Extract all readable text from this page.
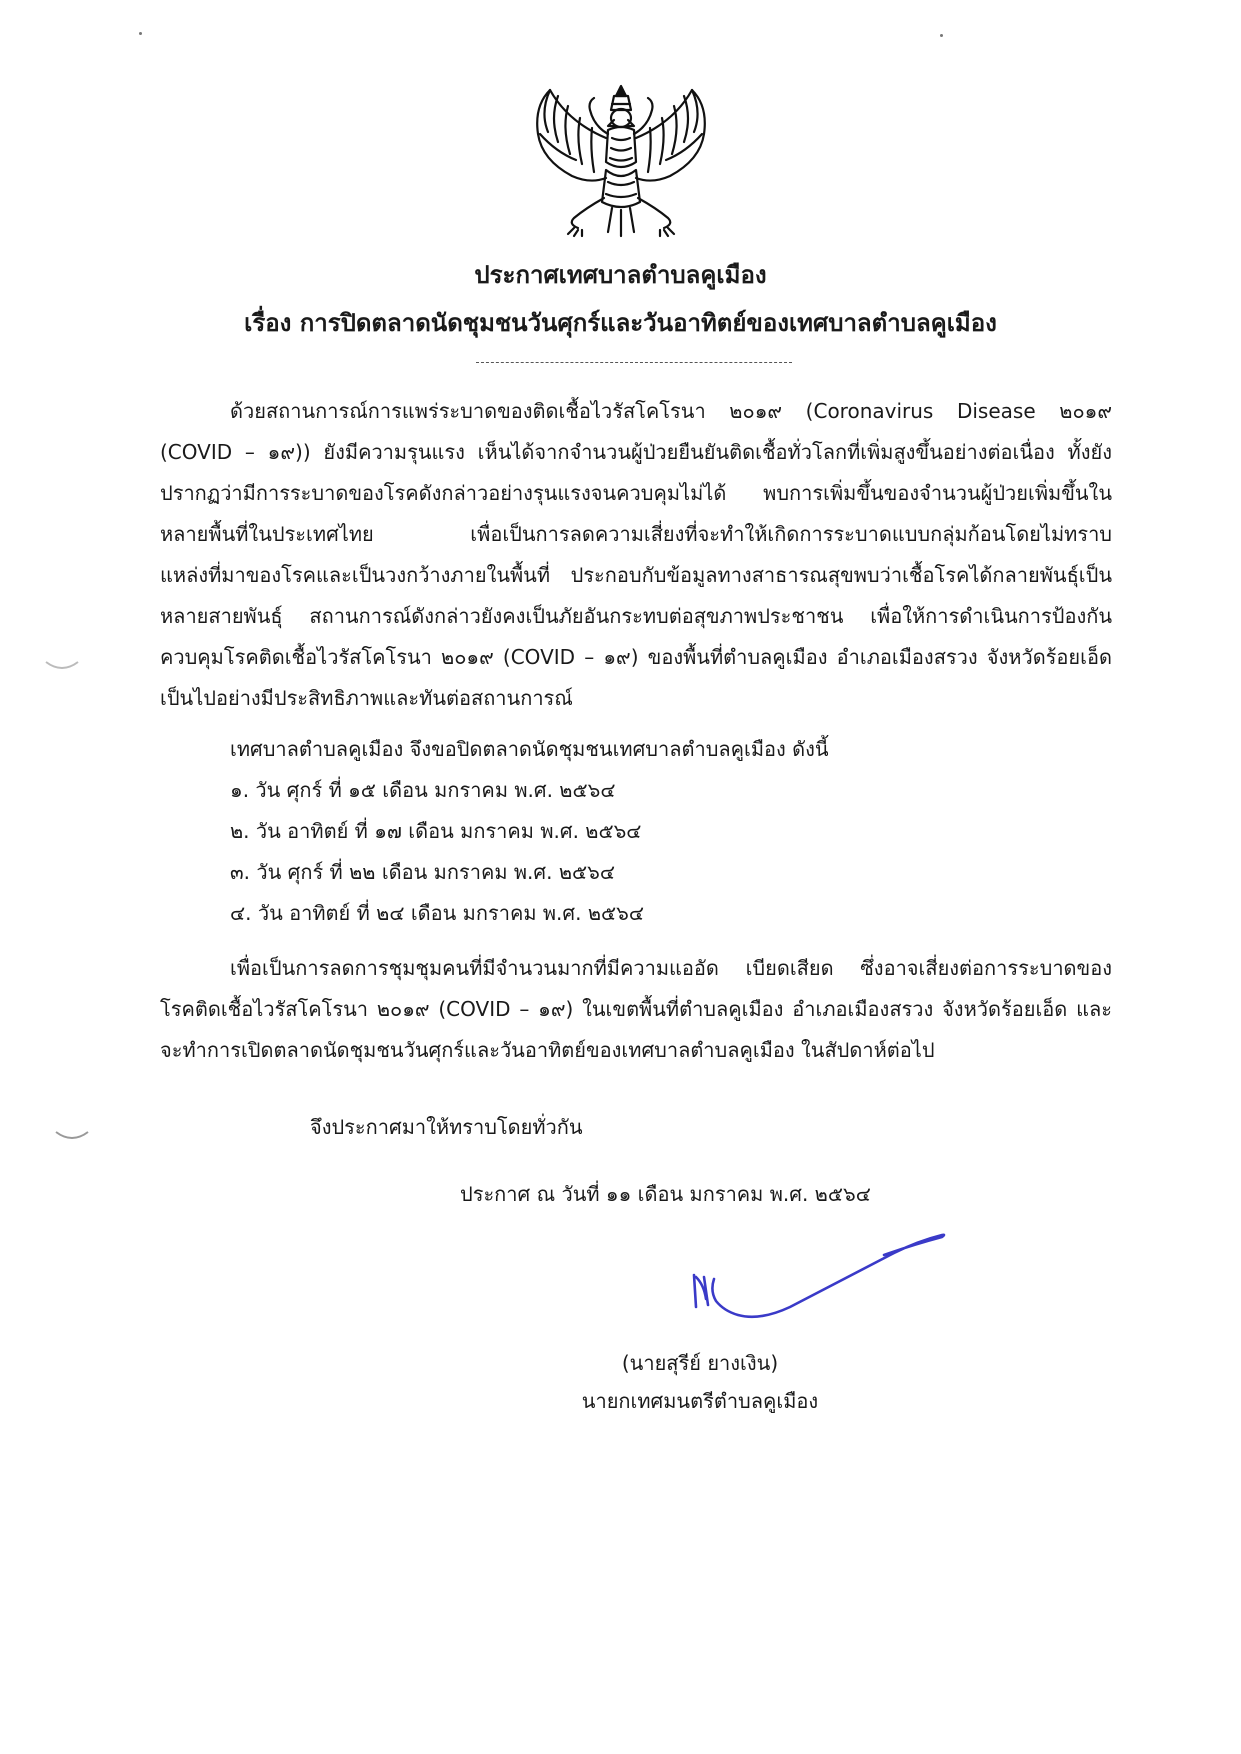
ประกาศเทศบาลตำบลคูเมือง
เรื่อง การปิดตลาดนัดชุมชนวันศุกร์และวันอาทิตย์ของเทศบาลตำบลคูเมือง
ด้วยสถานการณ์การแพร่ระบาดของติดเชื้อไวรัสโคโรนา ๒๐๑๙ (Coronavirus Disease ๒๐๑๙
(COVID – ๑๙)) ยังมีความรุนแรง เห็นได้จากจำนวนผู้ป่วยยืนยันติดเชื้อทั่วโลกที่เพิ่มสูงขึ้นอย่างต่อเนื่อง ทั้งยัง
ปรากฏว่ามีการระบาดของโรคดังกล่าวอย่างรุนแรงจนควบคุมไม่ได้ พบการเพิ่มขึ้นของจำนวนผู้ป่วยเพิ่มขึ้นใน
หลายพื้นที่ในประเทศไทย เพื่อเป็นการลดความเสี่ยงที่จะทำให้เกิดการระบาดแบบกลุ่มก้อนโดยไม่ทราบ
แหล่งที่มาของโรคและเป็นวงกว้างภายในพื้นที่ ประกอบกับข้อมูลทางสาธารณสุขพบว่าเชื้อโรคได้กลายพันธุ์เป็น
หลายสายพันธุ์ สถานการณ์ดังกล่าวยังคงเป็นภัยอันกระทบต่อสุขภาพประชาชน เพื่อให้การดำเนินการป้องกัน
ควบคุมโรคติดเชื้อไวรัสโคโรนา ๒๐๑๙ (COVID – ๑๙) ของพื้นที่ตำบลคูเมือง อำเภอเมืองสรวง จังหวัดร้อยเอ็ด
เป็นไปอย่างมีประสิทธิภาพและทันต่อสถานการณ์
เทศบาลตำบลคูเมือง จึงขอปิดตลาดนัดชุมชนเทศบาลตำบลคูเมือง ดังนี้
๑. วัน ศุกร์ ที่ ๑๕ เดือน มกราคม พ.ศ. ๒๕๖๔
๒. วัน อาทิตย์ ที่ ๑๗ เดือน มกราคม พ.ศ. ๒๕๖๔
๓. วัน ศุกร์ ที่ ๒๒ เดือน มกราคม พ.ศ. ๒๕๖๔
๔. วัน อาทิตย์ ที่ ๒๔ เดือน มกราคม พ.ศ. ๒๕๖๔
เพื่อเป็นการลดการชุมชุมคนที่มีจำนวนมากที่มีความแออัด เบียดเสียด ซึ่งอาจเสี่ยงต่อการระบาดของ
โรคติดเชื้อไวรัสโคโรนา ๒๐๑๙ (COVID – ๑๙) ในเขตพื้นที่ตำบลคูเมือง อำเภอเมืองสรวง จังหวัดร้อยเอ็ด และ
จะทำการเปิดตลาดนัดชุมชนวันศุกร์และวันอาทิตย์ของเทศบาลตำบลคูเมือง ในสัปดาห์ต่อไป
จึงประกาศมาให้ทราบโดยทั่วกัน
ประกาศ ณ วันที่ ๑๑ เดือน มกราคม พ.ศ. ๒๕๖๔
(นายสุรีย์ ยางเงิน)
นายกเทศมนตรีตำบลคูเมือง
